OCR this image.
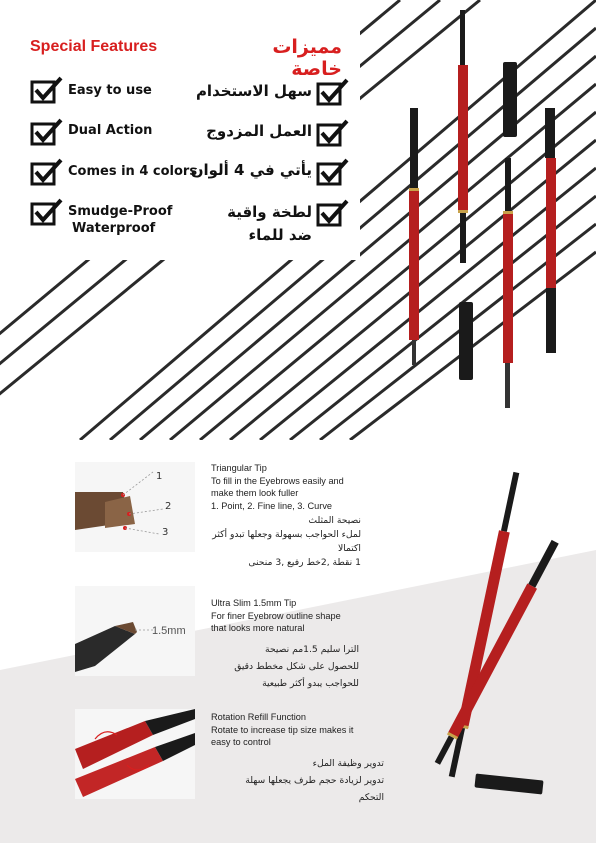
Special Features	مميزات خاصة
Easy to use
Dual Action
Comes in 4 colors
Smudge-Proof
Waterproof
سهل الاستخدام
العمل المزدوج
يأتي في 4 ألوان
لطخة واقية
ضد للماء
1
2
3
Triangular Tip
To fill in the Eyebrows easily and
make them look fuller
1. Point, 2. Fine line, 3. Curve
نصيحة المثلث
لملء الحواجب بسهولة وجعلها تبدو أكثر
اكتمالا
1 نقطة ,2خط رفيع ,3 منحنى
1.5mm
Ultra Slim 1.5mm Tip
For finer Eyebrow outline shape
that looks more natural
الترا سليم 1.5مم نصيحة
للحصول على شكل مخطط دقيق
للحواجب يبدو أكثر طبيعية
Rotation Refill Function
Rotate to increase tip size makes it
easy to control
تدوير وظيفة الملء
تدوير لزيادة حجم طرف يجعلها سهلة
التحكم
